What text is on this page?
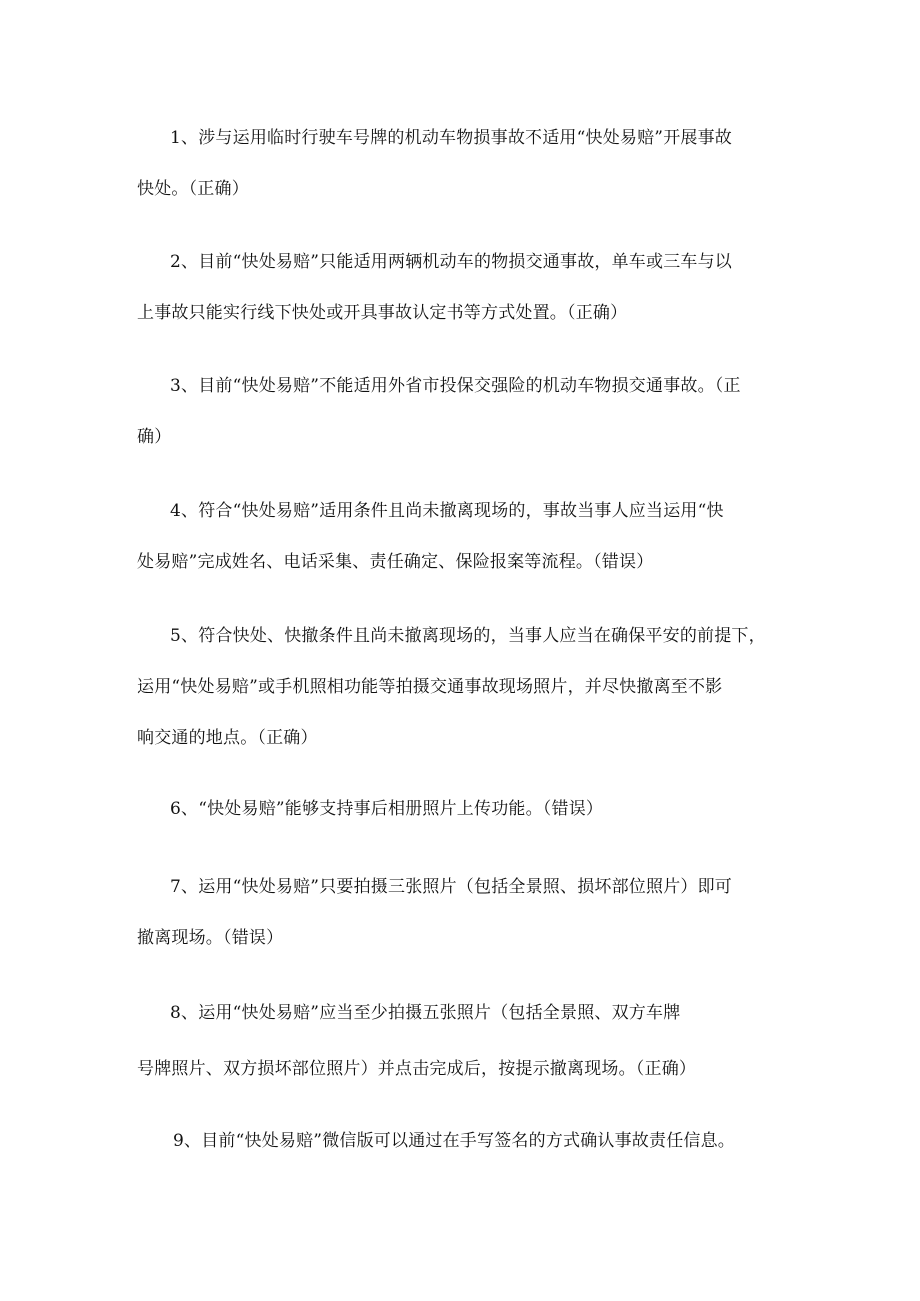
1、涉与运用临时行驶车号牌的机动车物损事故不适用“快处易赔”开展事故
快处。（正确）
2、目前“快处易赔”只能适用两辆机动车的物损交通事故，单车或三车与以
上事故只能实行线下快处或开具事故认定书等方式处置。（正确）
3、目前“快处易赔”不能适用外省市投保交强险的机动车物损交通事故。（正
确）
4、符合“快处易赔”适用条件且尚未撤离现场的，事故当事人应当运用“快
处易赔”完成姓名、电话采集、责任确定、保险报案等流程。（错误）
5、符合快处、快撤条件且尚未撤离现场的，当事人应当在确保平安的前提下，
运用“快处易赔”或手机照相功能等拍摄交通事故现场照片，并尽快撤离至不影
响交通的地点。（正确）
6、“快处易赔”能够支持事后相册照片上传功能。（错误）
7、运用“快处易赔”只要拍摄三张照片（包括全景照、损坏部位照片）即可
撤离现场。（错误）
8、运用“快处易赔”应当至少拍摄五张照片（包括全景照、双方车牌
号牌照片、双方损坏部位照片）并点击完成后，按提示撤离现场。（正确）
9、目前“快处易赔”微信版可以通过在手写签名的方式确认事故责任信息。
